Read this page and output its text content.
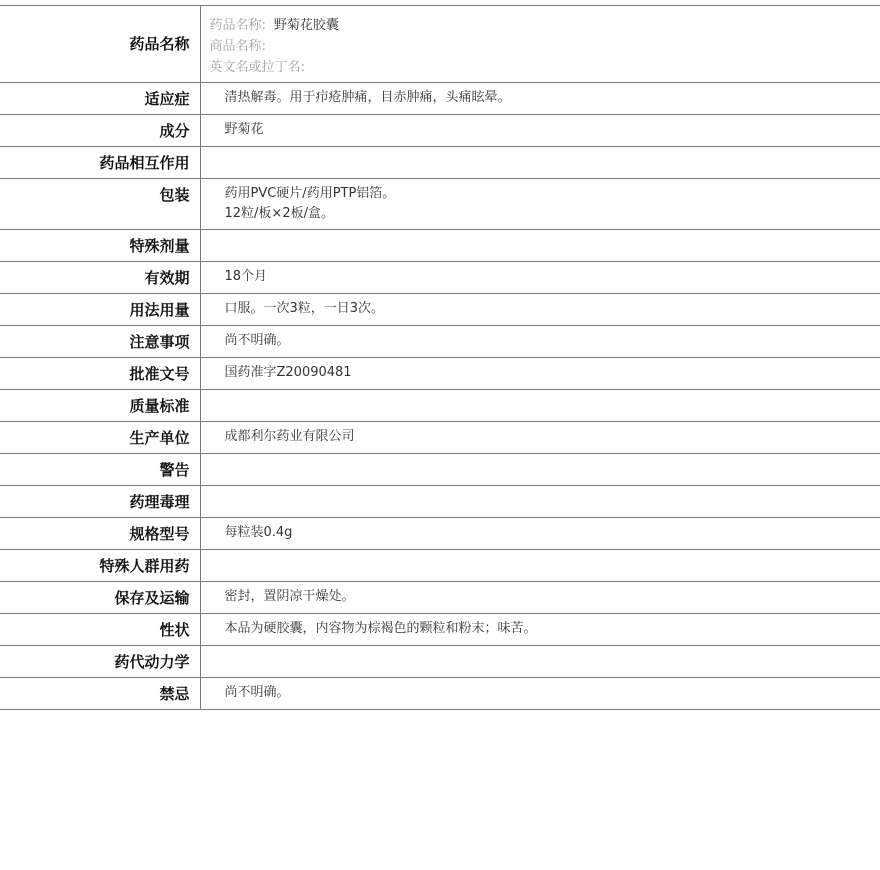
药品名称	药品名称: 野菊花胶囊
商品名称:
英文名或拉丁名:

适应症	清热解毒。用于疖疮肿痛，目赤肿痛，头痛眩晕。

成分	野菊花

药品相互作用	

包装	药用PVC硬片/药用PTP铝箔。
12粒/板×2板/盒。

特殊剂量	

有效期	18个月

用法用量	口服。一次3粒，一日3次。

注意事项	尚不明确。

批准文号	国药准字Z20090481

质量标准	

生产单位	成都利尔药业有限公司

警告	

药理毒理	

规格型号	每粒装0.4g

特殊人群用药	

保存及运输	密封，置阴凉干燥处。

性状	本品为硬胶囊，内容物为棕褐色的颗粒和粉末；味苦。

药代动力学	

禁忌	尚不明确。
